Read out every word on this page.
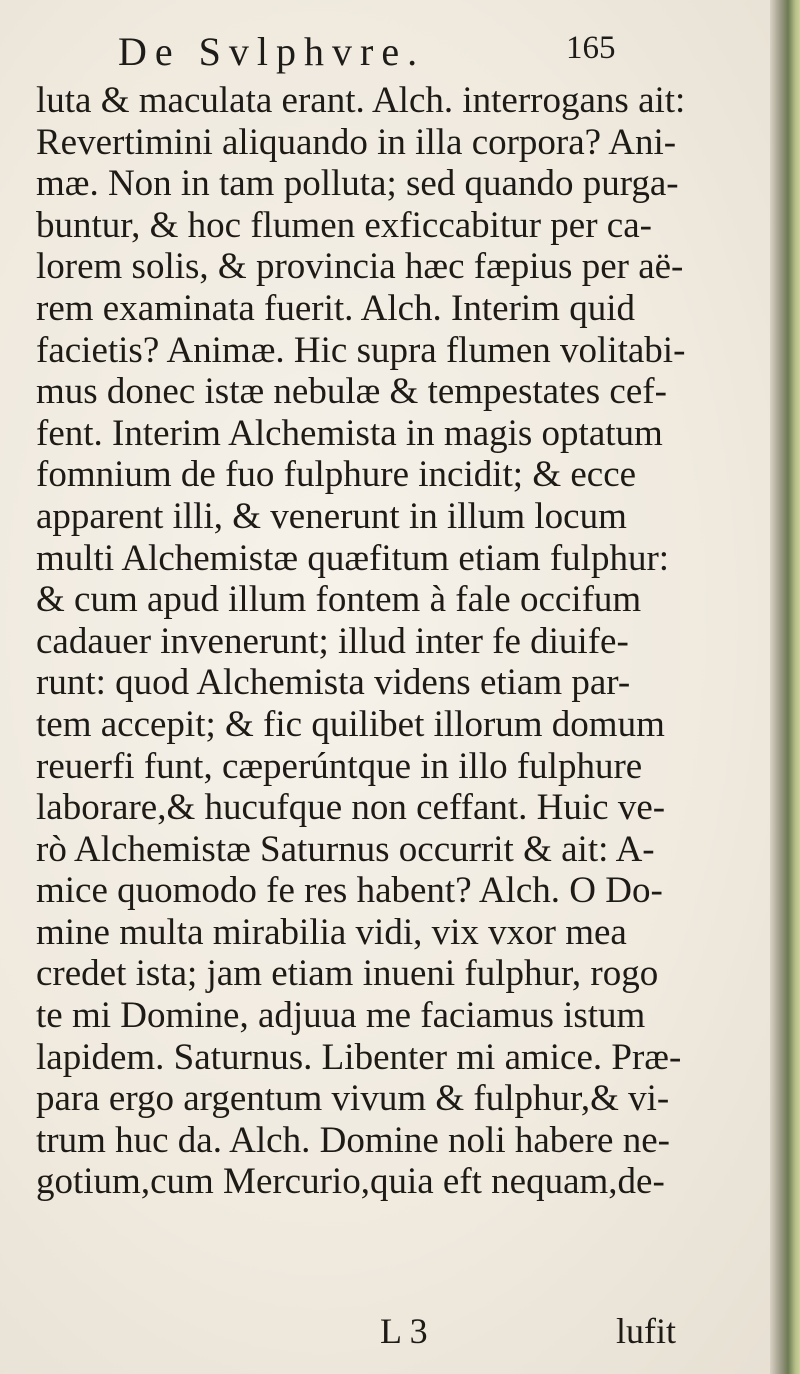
De Svlphvre.	165
luta & maculata erant. Alch. interrogans ait:
Revertimini aliquando in illa corpora? Ani-
mæ. Non in tam polluta; sed quando purga-
buntur, & hoc flumen exficcabitur per ca-
lorem solis, & provincia hæc fæpius per aë-
rem examinata fuerit. Alch. Interim quid
facietis? Animæ. Hic supra flumen volitabi-
mus donec istæ nebulæ & tempestates cef-
fent. Interim Alchemista in magis optatum
fomnium de fuo fulphure incidit; & ecce
apparent illi, & venerunt in illum locum
multi Alchemistæ quæfitum etiam fulphur:
& cum apud illum fontem à fale occifum
cadauer invenerunt; illud inter fe diuife-
runt: quod Alchemista videns etiam par-
tem accepit; & fic quilibet illorum domum
reuerfi funt, cæperúntque in illo fulphure
laborare,& hucufque non ceffant. Huic ve-
rò Alchemistæ Saturnus occurrit & ait: A-
mice quomodo fe res habent? Alch. O Do-
mine multa mirabilia vidi, vix vxor mea
credet ista; jam etiam inueni fulphur, rogo
te mi Domine, adjuua me faciamus istum
lapidem. Saturnus. Libenter mi amice. Præ-
para ergo argentum vivum & fulphur,& vi-
trum huc da. Alch. Domine noli habere ne-
gotium,cum Mercurio,quia eft nequam,de-
L 3	lufit
